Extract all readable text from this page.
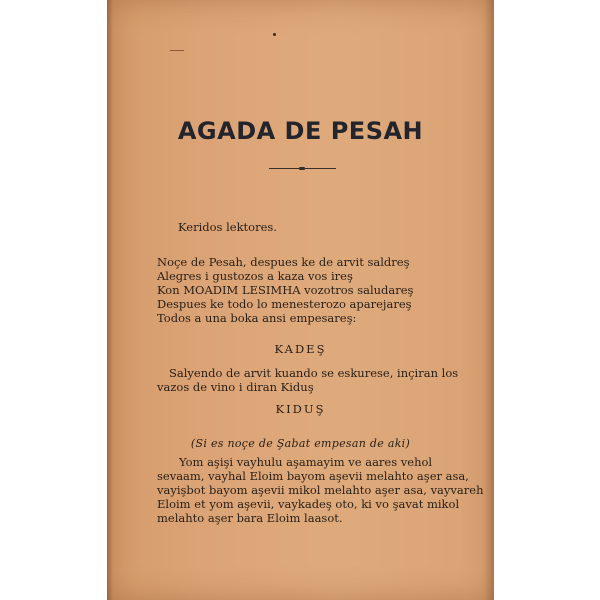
AGADA DE PESAH
Keridos lektores.
Noçe de Pesah, despues ke de arvit saldreş
Alegres i gustozos a kaza vos ireş
Kon MOADIM LESIMHA vozotros saludareş
Despues ke todo lo menesterozo aparejareş
Todos a una boka ansi empesareş:
KADEŞ
Salyendo de arvit kuando se eskurese, inçiran los
vazos de vino i diran Kiduş
KIDUŞ
(Si es noçe de Şabat empesan de aki)
Yom aşişi vayhulu aşamayim ve aares vehol
sevaam, vayhal Eloim bayom aşevii melahto aşer asa,
vayişbot bayom aşevii mikol melahto aşer asa, vayvareh
Eloim et yom aşevii, vaykadeş oto, ki vo şavat mikol
melahto aşer bara Eloim laasot.
